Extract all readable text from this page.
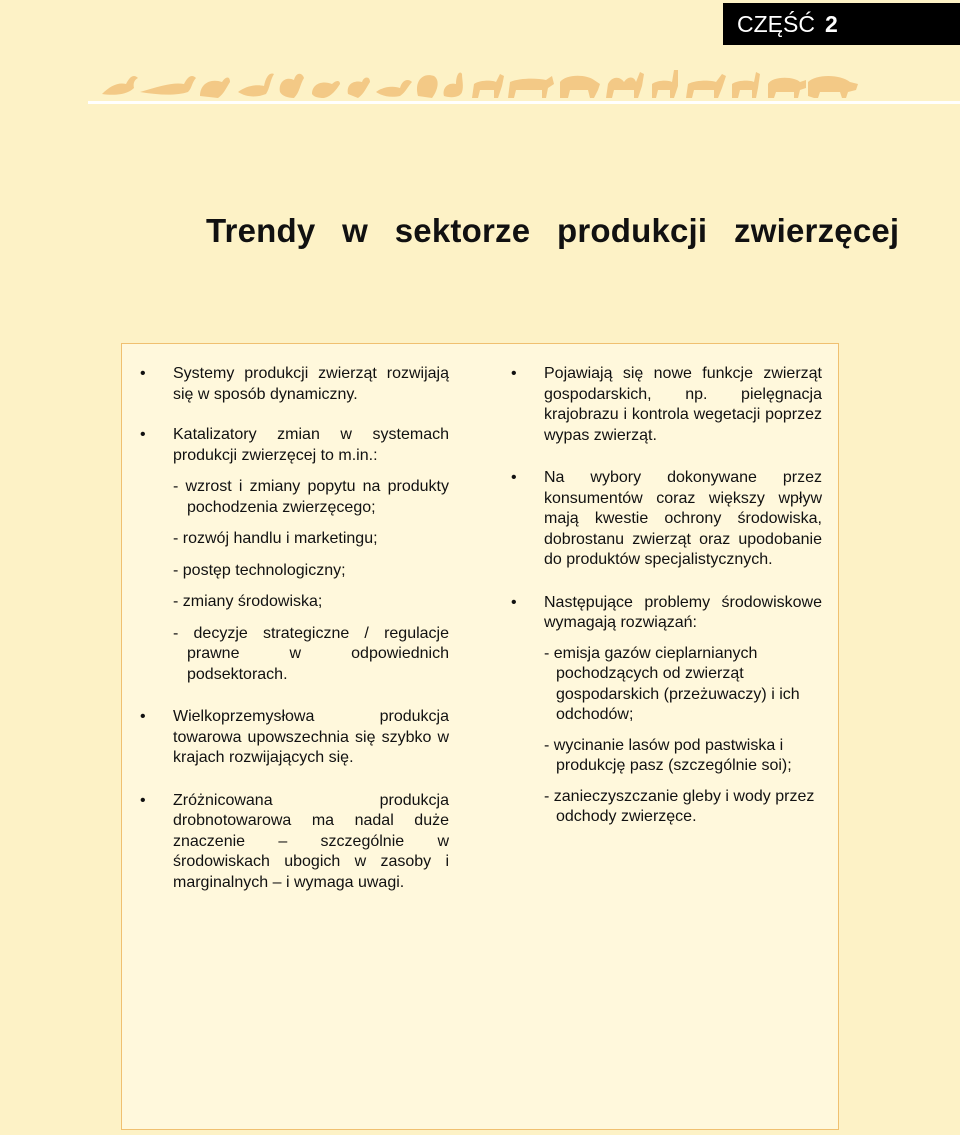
CZĘŚĆ 2
Trendy  w  sektorze  produkcji  zwierzęcej

• Systemy produkcji zwierząt rozwijają się w sposób dynamiczny.

• Katalizatory zmian w systemach produkcji zwierzęcej to m.in.:

- wzrost i zmiany popytu na produkty pochodzenia zwierzęcego;

- rozwój handlu i marketingu;

- postęp technologiczny;

- zmiany środowiska;

- decyzje strategiczne / regulacje prawne w odpowiednich podsektorach.

• Wielkoprzemysłowa produkcja towarowa upowszechnia się szybko w krajach rozwijających się.

• Zróżnicowana produkcja drobnotowarowa ma nadal duże znaczenie – szczególnie w środowiskach ubogich w zasoby i marginalnych – i wymaga uwagi.

• Pojawiają się nowe funkcje zwierząt gospodarskich, np. pielęgnacja krajobrazu i kontrola wegetacji poprzez wypas zwierząt.

• Na wybory dokonywane przez konsumentów coraz większy wpływ mają kwestie ochrony środowiska, dobrostanu zwierząt oraz upodobanie do produktów specjalistycznych.

• Następujące problemy środowiskowe wymagają rozwiązań:

- emisja gazów cieplarnianych pochodzących od zwierząt gospodarskich (przeżuwaczy) i ich odchodów;

- wycinanie lasów pod pastwiska i produkcję pasz (szczególnie soi);

- zanieczyszczanie gleby i wody przez odchody zwierzęce.
